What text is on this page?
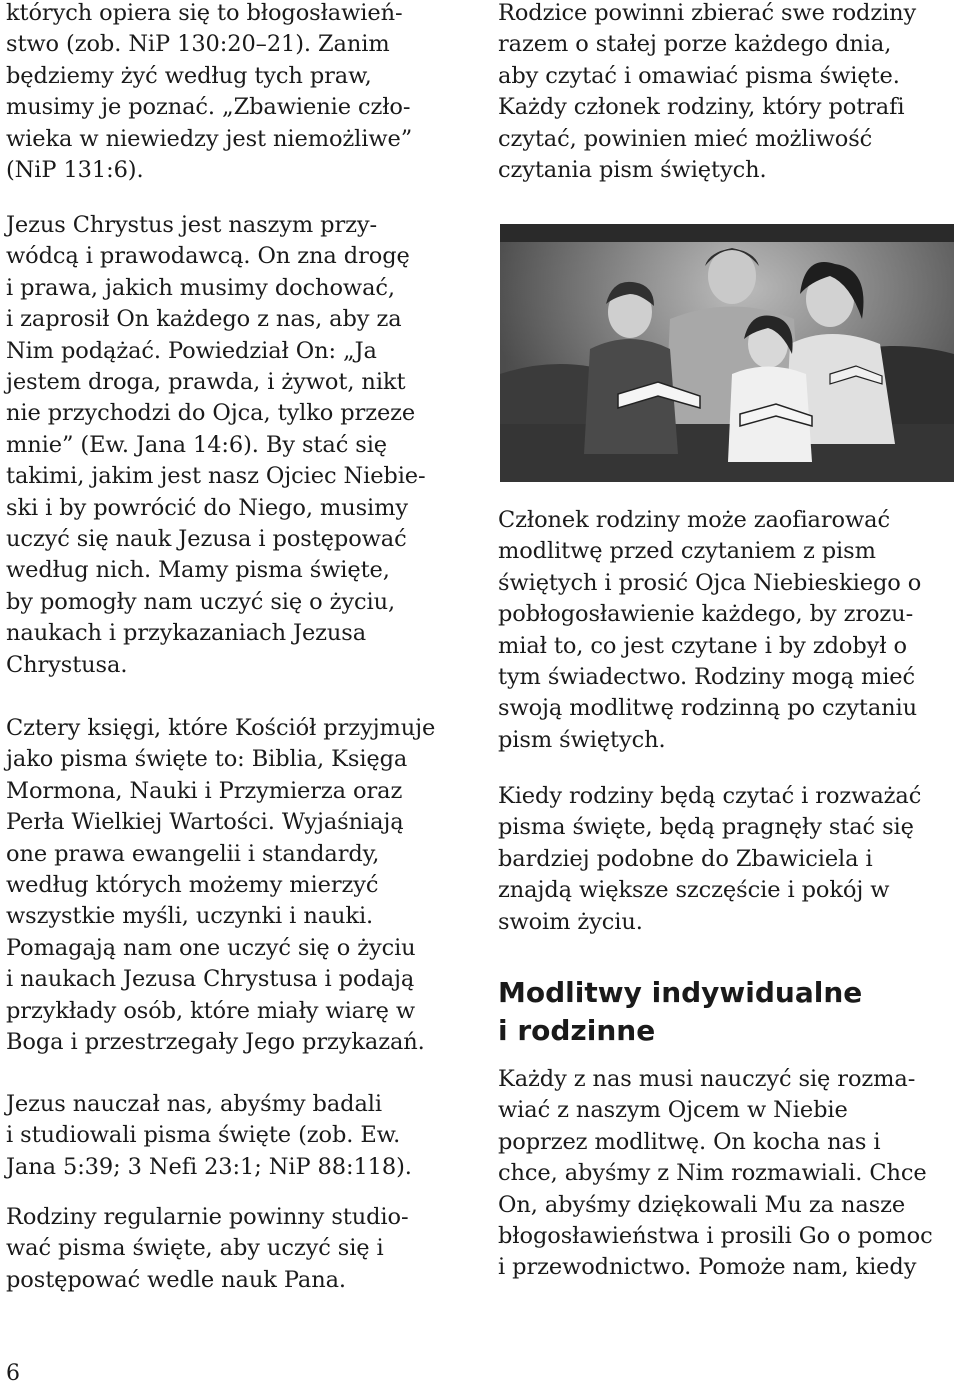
których opiera się to błogosławień-
stwo (zob. NiP 130:20–21). Zanim
będziemy żyć według tych praw,
musimy je poznać. „Zbawienie czło-
wieka w niewiedzy jest niemożliwe”
(NiP 131:6).
Jezus Chrystus jest naszym przy-
wódcą i prawodawcą. On zna drogę
i prawa, jakich musimy dochować,
i zaprosił On każdego z nas, aby za
Nim podążać. Powiedział On: „Ja
jestem droga, prawda, i żywot, nikt
nie przychodzi do Ojca, tylko przeze
mnie” (Ew. Jana 14:6). By stać się
takimi, jakim jest nasz Ojciec Niebie-
ski i by powrócić do Niego, musimy
uczyć się nauk Jezusa i postępować
według nich. Mamy pisma święte,
by pomogły nam uczyć się o życiu,
naukach i przykazaniach Jezusa
Chrystusa.
Cztery księgi, które Kościół przyjmuje
jako pisma święte to: Biblia, Księga
Mormona, Nauki i Przymierza oraz
Perła Wielkiej Wartości. Wyjaśniają
one prawa ewangelii i standardy,
według których możemy mierzyć
wszystkie myśli, uczynki i nauki.
Pomagają nam one uczyć się o życiu
i naukach Jezusa Chrystusa i podają
przykłady osób, które miały wiarę w
Boga i przestrzegały Jego przykazań.
Jezus nauczał nas, abyśmy badali
i studiowali pisma święte (zob. Ew.
Jana 5:39; 3 Nefi 23:1; NiP 88:118).
Rodziny regularnie powinny studio-
wać pisma święte, aby uczyć się i
postępować wedle nauk Pana.
Rodzice powinni zbierać swe rodziny
razem o stałej porze każdego dnia,
aby czytać i omawiać pisma święte.
Każdy członek rodziny, który potrafi
czytać, powinien mieć możliwość
czytania pism świętych.
Członek rodziny może zaofiarować
modlitwę przed czytaniem z pism
świętych i prosić Ojca Niebieskiego o
pobłogosławienie każdego, by zrozu-
miał to, co jest czytane i by zdobył o
tym świadectwo. Rodziny mogą mieć
swoją modlitwę rodzinną po czytaniu
pism świętych.
Kiedy rodziny będą czytać i rozważać
pisma święte, będą pragnęły stać się
bardziej podobne do Zbawiciela i
znajdą większe szczęście i pokój w
swoim życiu.
Modlitwy indywidualne
i rodzinne
Każdy z nas musi nauczyć się rozma-
wiać z naszym Ojcem w Niebie
poprzez modlitwę. On kocha nas i
chce, abyśmy z Nim rozmawiali. Chce
On, abyśmy dziękowali Mu za nasze
błogosławieństwa i prosili Go o pomoc
i przewodnictwo. Pomoże nam, kiedy
6
